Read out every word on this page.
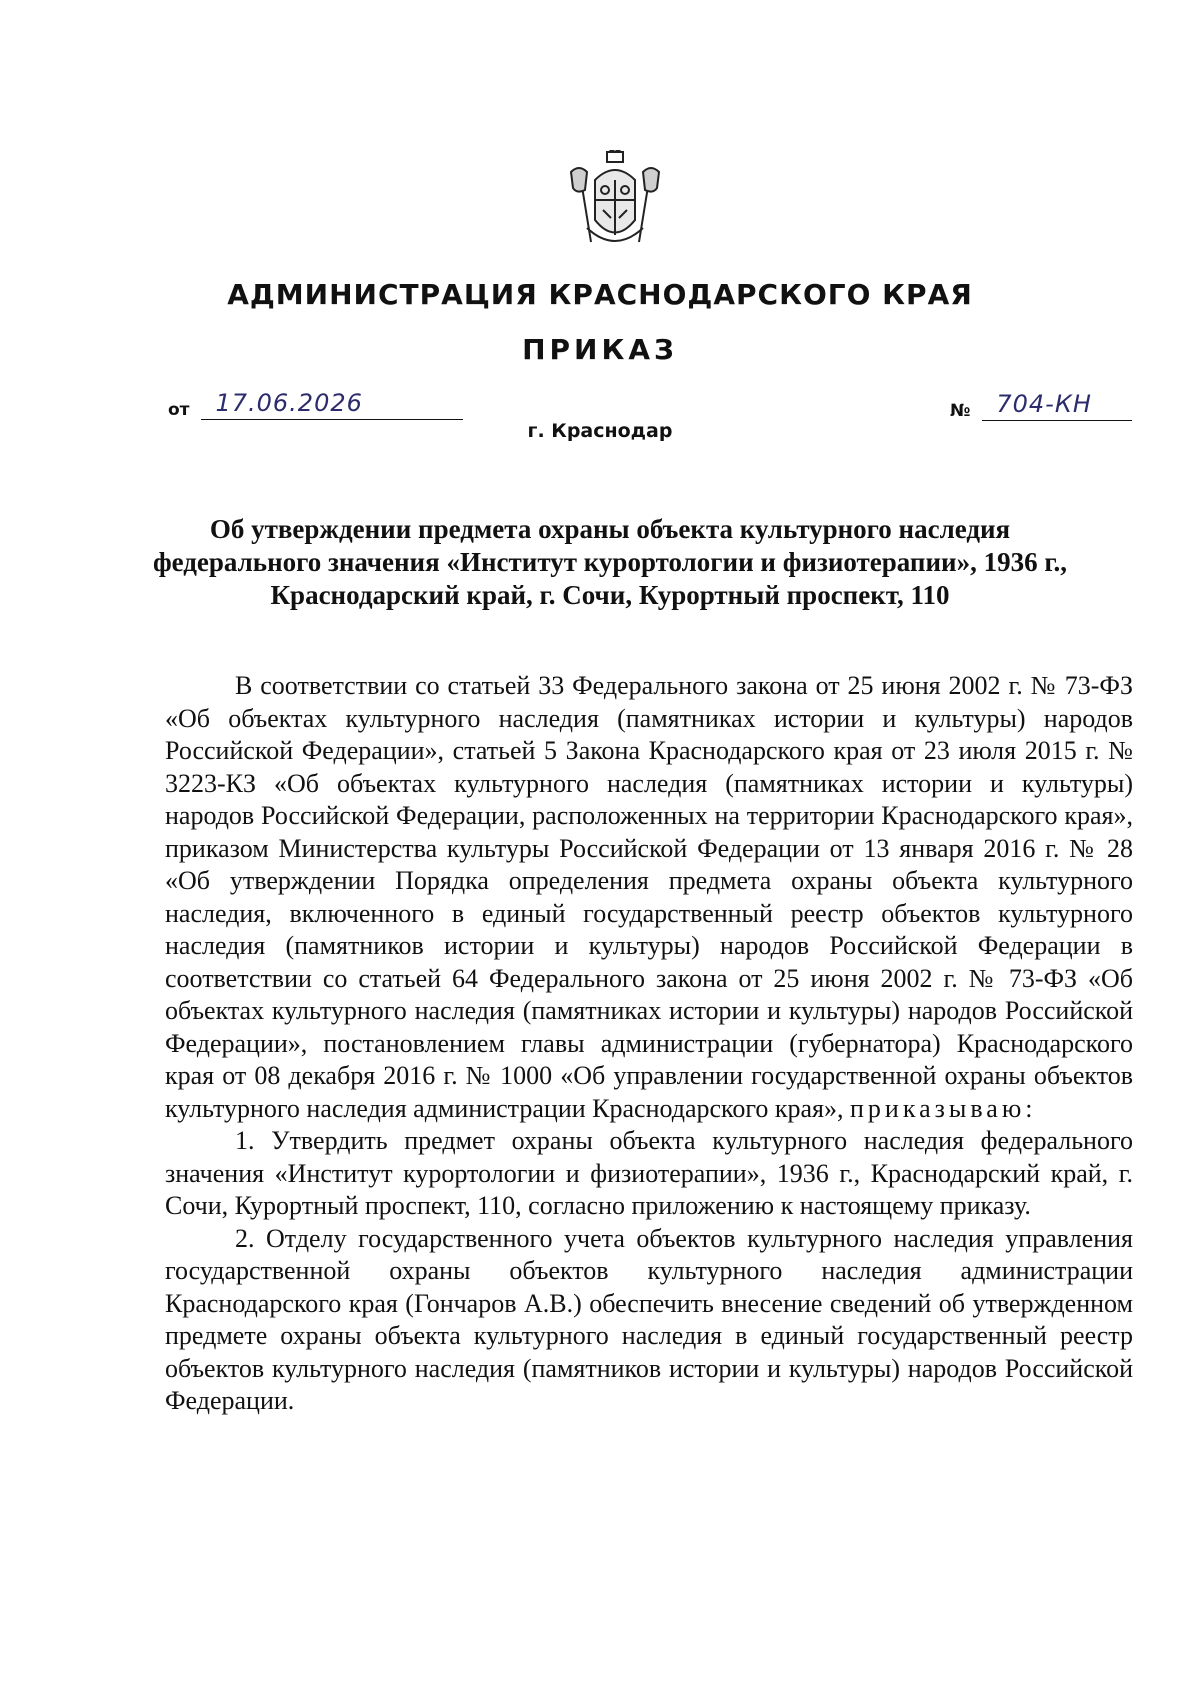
АДМИНИСТРАЦИЯ КРАСНОДАРСКОГО КРАЯ
ПРИКАЗ
от 17.06.2026	№ 704-КН

г. Краснодар

Об утверждении предмета охраны объекта культурного наследия
федерального значения «Институт курортологии и физиотерапии», 1936 г.,
Краснодарский край, г. Сочи, Курортный проспект, 110

В соответствии со статьей 33 Федерального закона от 25 июня 2002 г. № 73-ФЗ «Об объектах культурного наследия (памятниках истории и культуры) народов Российской Федерации», статьей 5 Закона Краснодарского края от 23 июля 2015 г. № 3223-КЗ «Об объектах культурного наследия (памятниках истории и культуры) народов Российской Федерации, расположенных на территории Краснодарского края», приказом Министерства культуры Российской Федерации от 13 января 2016 г. № 28 «Об утверждении Порядка определения предмета охраны объекта культурного наследия, включенного в единый государственный реестр объектов культурного наследия (памятников истории и культуры) народов Российской Федерации в соответствии со статьей 64 Федерального закона от 25 июня 2002 г. № 73-ФЗ «Об объектах культурного наследия (памятниках истории и культуры) народов Российской Федерации», постановлением главы администрации (губернатора) Краснодарского края от 08 декабря 2016 г. № 1000 «Об управлении государственной охраны объектов культурного наследия администрации Краснодарского края», приказываю:

1. Утвердить предмет охраны объекта культурного наследия федерального значения «Институт курортологии и физиотерапии», 1936 г., Краснодарский край, г. Сочи, Курортный проспект, 110, согласно приложению к настоящему приказу.

2. Отделу государственного учета объектов культурного наследия управления государственной охраны объектов культурного наследия администрации Краснодарского края (Гончаров А.В.) обеспечить внесение сведений об утвержденном предмете охраны объекта культурного наследия в единый государственный реестр объектов культурного наследия (памятников истории и культуры) народов Российской Федерации.
